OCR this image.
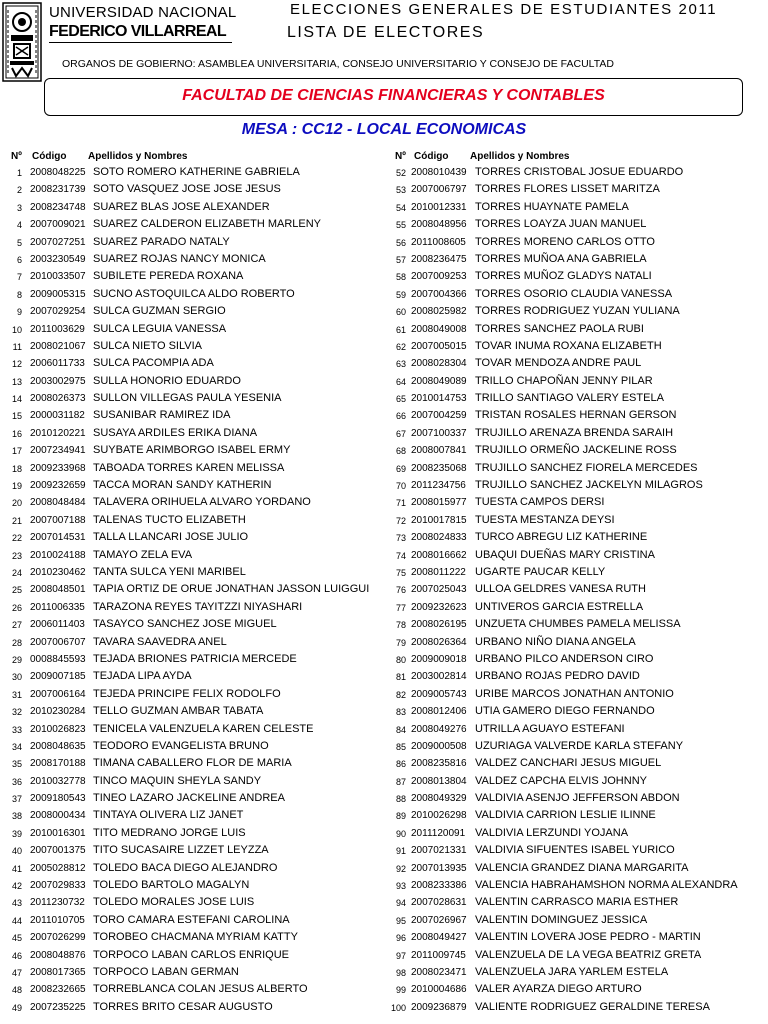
UNIVERSIDAD NACIONAL
FEDERICO VILLARREAL
ELECCIONES GENERALES DE ESTUDIANTES 2011
LISTA DE ELECTORES
ORGANOS DE GOBIERNO: ASAMBLEA UNIVERSITARIA, CONSEJO UNIVERSITARIO Y CONSEJO DE FACULTAD
FACULTAD DE CIENCIAS FINANCIERAS Y CONTABLES
MESA : CC12 - LOCAL ECONOMICAS
Nº Código Apellidos y Nombres
1 2008048225 SOTO ROMERO KATHERINE GABRIELA
2 2008231739 SOTO VASQUEZ JOSE JOSE JESUS
3 2008234748 SUAREZ BLAS JOSE ALEXANDER
4 2007009021 SUAREZ CALDERON ELIZABETH MARLENY
5 2007027251 SUAREZ PARADO NATALY
6 2003230549 SUAREZ ROJAS NANCY MONICA
7 2010033507 SUBILETE PEREDA ROXANA
8 2009005315 SUCNO ASTOQUILCA ALDO ROBERTO
9 2007029254 SULCA GUZMAN SERGIO
10 2011003629 SULCA LEGUIA VANESSA
11 2008021067 SULCA NIETO SILVIA
12 2006011733 SULCA PACOMPIA ADA
13 2003002975 SULLA HONORIO EDUARDO
14 2008026373 SULLON VILLEGAS PAULA YESENIA
15 2000031182 SUSANIBAR RAMIREZ IDA
16 2010120221 SUSAYA ARDILES ERIKA DIANA
17 2007234941 SUYBATE ARIMBORGO ISABEL ERMY
18 2009233968 TABOADA TORRES KAREN MELISSA
19 2009232659 TACCA MORAN SANDY KATHERIN
20 2008048484 TALAVERA ORIHUELA ALVARO YORDANO
21 2007007188 TALENAS TUCTO ELIZABETH
22 2007014531 TALLA LLANCARI JOSE JULIO
23 2010024188 TAMAYO ZELA EVA
24 2010230462 TANTA SULCA YENI MARIBEL
25 2008048501 TAPIA ORTIZ DE ORUE JONATHAN JASSON LUIGGUI
26 2011006335 TARAZONA REYES TAYITZZI NIYASHARI
27 2006011403 TASAYCO SANCHEZ JOSE MIGUEL
28 2007006707 TAVARA SAAVEDRA ANEL
29 0008845593 TEJADA BRIONES PATRICIA MERCEDE
30 2009007185 TEJADA LIPA AYDA
31 2007006164 TEJEDA PRINCIPE FELIX RODOLFO
32 2010230284 TELLO GUZMAN AMBAR TABATA
33 2010026823 TENICELA VALENZUELA KAREN CELESTE
34 2008048635 TEODORO EVANGELISTA BRUNO
35 2008170188 TIMANA CABALLERO FLOR DE MARIA
36 2010032778 TINCO MAQUIN SHEYLA SANDY
37 2009180543 TINEO LAZARO JACKELINE ANDREA
38 2008000434 TINTAYA OLIVERA LIZ JANET
39 2010016301 TITO MEDRANO JORGE LUIS
40 2007001375 TITO SUCASAIRE LIZZET LEYZZA
41 2005028812 TOLEDO BACA DIEGO ALEJANDRO
42 2007029833 TOLEDO BARTOLO MAGALYN
43 2011230732 TOLEDO MORALES JOSE LUIS
44 2011010705 TORO CAMARA ESTEFANI CAROLINA
45 2007026299 TOROBEO CHACMANA MYRIAM KATTY
46 2008048876 TORPOCO LABAN CARLOS ENRIQUE
47 2008017365 TORPOCO LABAN GERMAN
48 2008232665 TORREBLANCA COLAN JESUS ALBERTO
49 2007235225 TORRES BRITO CESAR AUGUSTO
Nº Código Apellidos y Nombres
52 2008010439 TORRES CRISTOBAL JOSUE EDUARDO
53 2007006797 TORRES FLORES LISSET MARITZA
54 2010012331 TORRES HUAYNATE PAMELA
55 2008048956 TORRES LOAYZA JUAN MANUEL
56 2011008605 TORRES MORENO CARLOS OTTO
57 2008236475 TORRES MUÑOA ANA GABRIELA
58 2007009253 TORRES MUÑOZ GLADYS NATALI
59 2007004366 TORRES OSORIO CLAUDIA VANESSA
60 2008025982 TORRES RODRIGUEZ YUZAN YULIANA
61 2008049008 TORRES SANCHEZ PAOLA RUBI
62 2007005015 TOVAR INUMA ROXANA ELIZABETH
63 2008028304 TOVAR MENDOZA ANDRE PAUL
64 2008049089 TRILLO CHAPOÑAN JENNY PILAR
65 2010014753 TRILLO SANTIAGO VALERY ESTELA
66 2007004259 TRISTAN ROSALES HERNAN GERSON
67 2007100337 TRUJILLO ARENAZA BRENDA SARAIH
68 2008007841 TRUJILLO ORMEÑO JACKELINE ROSS
69 2008235068 TRUJILLO SANCHEZ FIORELA MERCEDES
70 2011234756 TRUJILLO SANCHEZ JACKELYN MILAGROS
71 2008015977 TUESTA CAMPOS DERSI
72 2010017815 TUESTA MESTANZA DEYSI
73 2008024833 TURCO ABREGU LIZ KATHERINE
74 2008016662 UBAQUI DUEÑAS MARY CRISTINA
75 2008011222 UGARTE PAUCAR KELLY
76 2007025043 ULLOA GELDRES VANESA RUTH
77 2009232623 UNTIVEROS GARCIA ESTRELLA
78 2008026195 UNZUETA CHUMBES PAMELA MELISSA
79 2008026364 URBANO NIÑO DIANA ANGELA
80 2009009018 URBANO PILCO ANDERSON CIRO
81 2003002814 URBANO ROJAS PEDRO DAVID
82 2009005743 URIBE MARCOS JONATHAN ANTONIO
83 2008012406 UTIA GAMERO DIEGO FERNANDO
84 2008049276 UTRILLA AGUAYO ESTEFANI
85 2009000508 UZURIAGA VALVERDE KARLA STEFANY
86 2008235816 VALDEZ CANCHARI JESUS MIGUEL
87 2008013804 VALDEZ CAPCHA ELVIS JOHNNY
88 2008049329 VALDIVIA ASENJO JEFFERSON ABDON
89 2010026298 VALDIVIA CARRION LESLIE ILINNE
90 2011120091 VALDIVIA LERZUNDI YOJANA
91 2007021331 VALDIVIA SIFUENTES ISABEL YURICO
92 2007013935 VALENCIA GRANDEZ DIANA MARGARITA
93 2008233386 VALENCIA HABRAHAMSHON NORMA ALEXANDRA
94 2007028631 VALENTIN CARRASCO MARIA ESTHER
95 2007026967 VALENTIN DOMINGUEZ JESSICA
96 2008049427 VALENTIN LOVERA JOSE PEDRO - MARTIN
97 2011009745 VALENZUELA DE LA VEGA BEATRIZ GRETA
98 2008023471 VALENZUELA JARA YARLEM ESTELA
99 2010004686 VALER AYARZA DIEGO ARTURO
100 2009236879 VALIENTE RODRIGUEZ GERALDINE TERESA
